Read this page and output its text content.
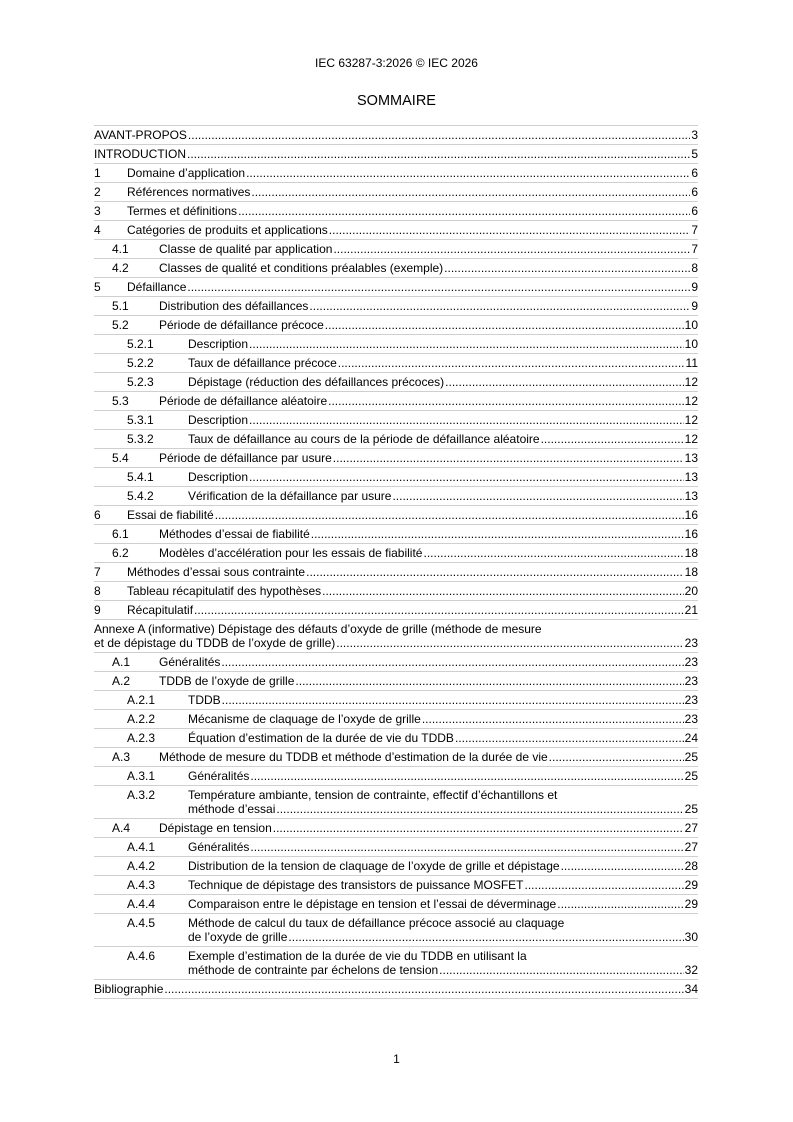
IEC 63287-3:2026 © IEC 2026
SOMMAIRE
AVANT-PROPOS .....	3
INTRODUCTION .....	5
1	Domaine d’application .....	6
2	Références normatives .....	6
3	Termes et définitions .....	6
4	Catégories de produits et applications .....	7
4.1	Classe de qualité par application .....	7
4.2	Classes de qualité et conditions préalables (exemple) .....	8
5	Défaillance .....	9
5.1	Distribution des défaillances .....	9
5.2	Période de défaillance précoce .....	10
5.2.1	Description .....	10
5.2.2	Taux de défaillance précoce .....	11
5.2.3	Dépistage (réduction des défaillances précoces) .....	12
5.3	Période de défaillance aléatoire .....	12
5.3.1	Description .....	12
5.3.2	Taux de défaillance au cours de la période de défaillance aléatoire .....	12
5.4	Période de défaillance par usure .....	13
5.4.1	Description .....	13
5.4.2	Vérification de la défaillance par usure .....	13
6	Essai de fiabilité .....	16
6.1	Méthodes d’essai de fiabilité .....	16
6.2	Modèles d’accélération pour les essais de fiabilité .....	18
7	Méthodes d’essai sous contrainte .....	18
8	Tableau récapitulatif des hypothèses .....	20
9	Récapitulatif .....	21
Annexe A (informative) Dépistage des défauts d’oxyde de grille (méthode de mesure
et de dépistage du TDDB de l’oxyde de grille) .....	23
A.1	Généralités .....	23
A.2	TDDB de l’oxyde de grille .....	23
A.2.1	TDDB .....	23
A.2.2	Mécanisme de claquage de l’oxyde de grille .....	23
A.2.3	Équation d’estimation de la durée de vie du TDDB .....	24
A.3	Méthode de mesure du TDDB et méthode d’estimation de la durée de vie .....	25
A.3.1	Généralités .....	25
A.3.2	Température ambiante, tension de contrainte, effectif d’échantillons et
méthode d’essai .....	25
A.4	Dépistage en tension .....	27
A.4.1	Généralités .....	27
A.4.2	Distribution de la tension de claquage de l’oxyde de grille et dépistage .....	28
A.4.3	Technique de dépistage des transistors de puissance MOSFET .....	29
A.4.4	Comparaison entre le dépistage en tension et l’essai de déverminage .....	29
A.4.5	Méthode de calcul du taux de défaillance précoce associé au claquage
de l’oxyde de grille .....	30
A.4.6	Exemple d’estimation de la durée de vie du TDDB en utilisant la
méthode de contrainte par échelons de tension .....	32
Bibliographie .....	34
1
